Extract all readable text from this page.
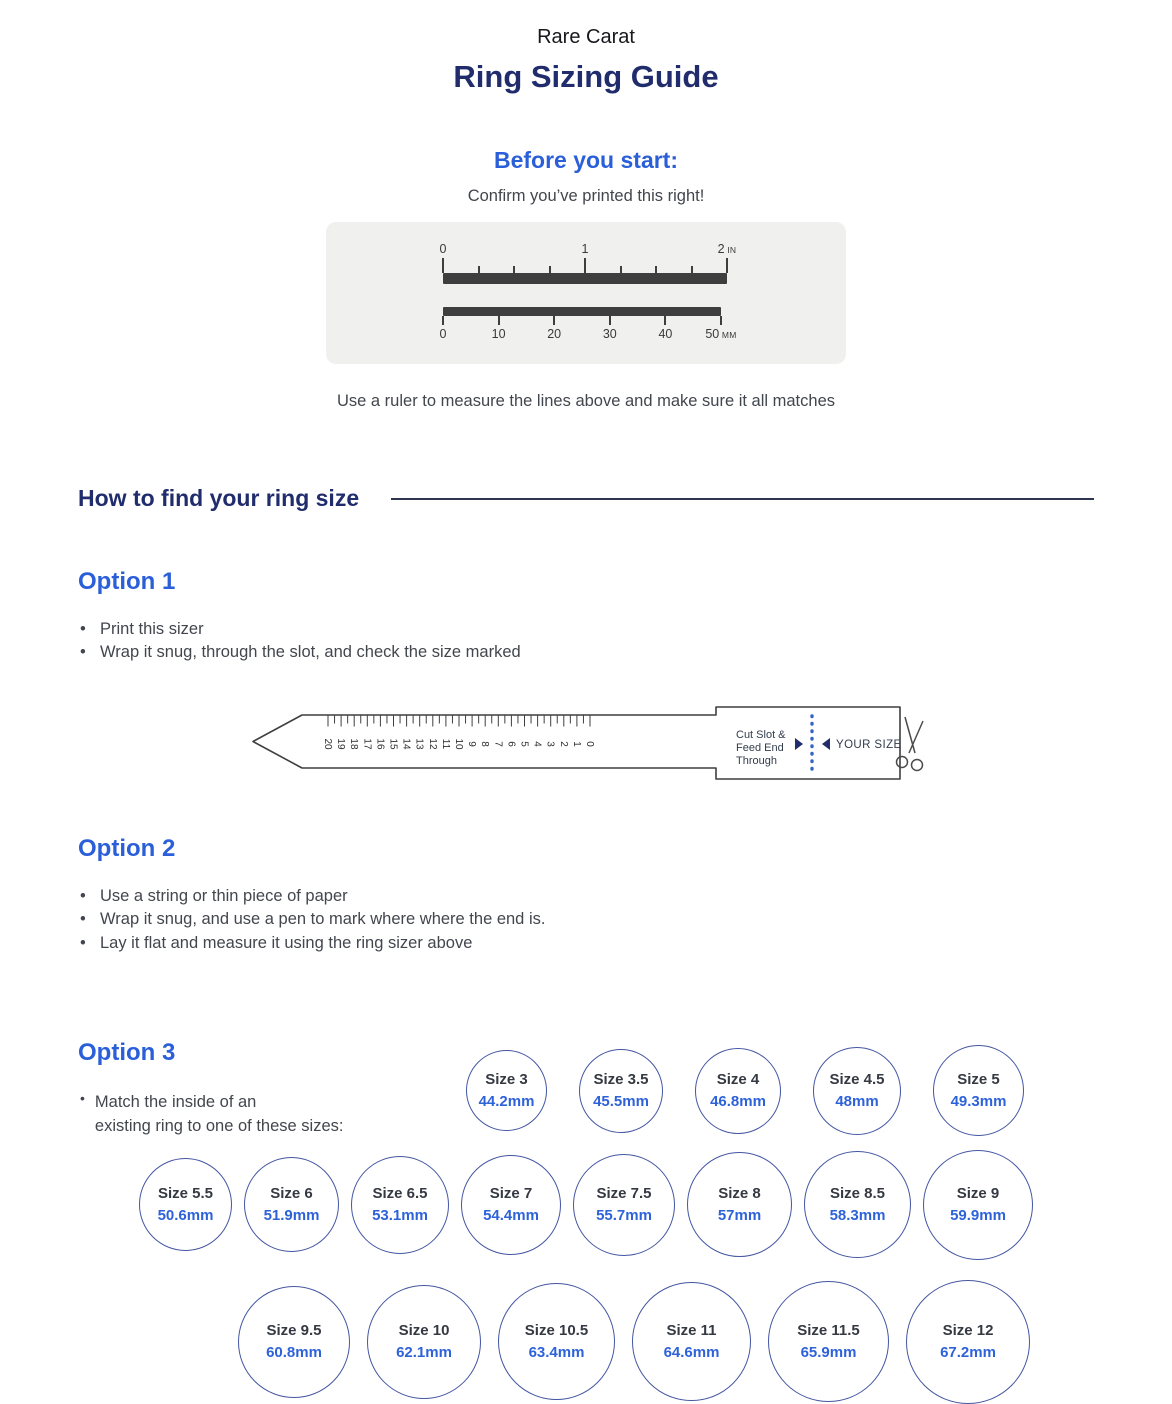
Rare Carat

Ring Sizing Guide
Before you start:

Confirm you’ve printed this right!

0	1	2 IN
0	10	20	30	40	50 MM

Use a ruler to measure the lines above and make sure it all matches

How to find your ring size
Option 1
• Print this sizer
• Wrap it snug, through the slot, and check the size marked
20 19 18 17 16 15 14 13 12 11 10 9 8 7 6 5 4 3 2 1 0
Cut Slot &
Feed End
Through
YOUR SIZE
Option 2
• Use a string or thin piece of paper
• Wrap it snug, and use a pen to mark where where the end is.
• Lay it flat and measure it using the ring sizer above
Option 3
• Match the inside of an
existing ring to one of these sizes:
Size 3
44.2mm
Size 3.5
45.5mm
Size 4
46.8mm
Size 4.5
48mm
Size 5
49.3mm
Size 5.5
50.6mm
Size 6
51.9mm
Size 6.5
53.1mm
Size 7
54.4mm
Size 7.5
55.7mm
Size 8
57mm
Size 8.5
58.3mm
Size 9
59.9mm
Size 9.5
60.8mm
Size 10
62.1mm
Size 10.5
63.4mm
Size 11
64.6mm
Size 11.5
65.9mm
Size 12
67.2mm
